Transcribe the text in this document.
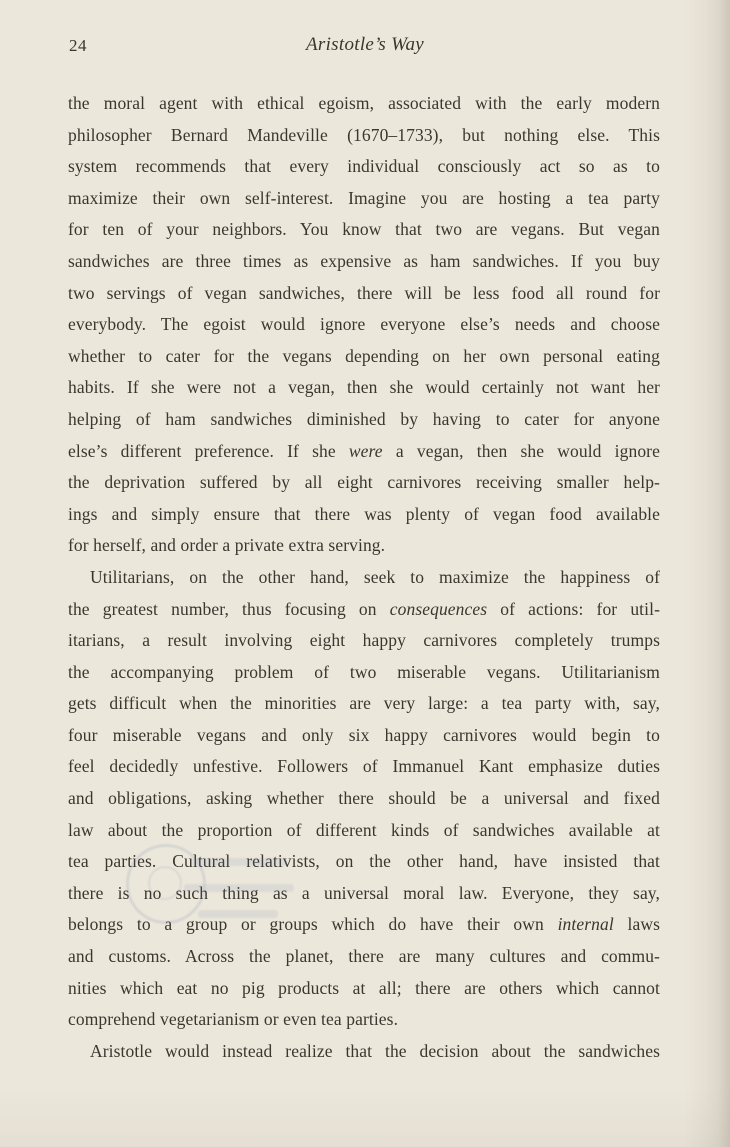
24	Aristotle’s Way
the moral agent with ethical egoism, associated with the early modern
philosopher Bernard Mandeville (1670–1733), but nothing else. This
system recommends that every individual consciously act so as to
maximize their own self-interest. Imagine you are hosting a tea party
for ten of your neighbors. You know that two are vegans. But vegan
sandwiches are three times as expensive as ham sandwiches. If you buy
two servings of vegan sandwiches, there will be less food all round for
everybody. The egoist would ignore everyone else’s needs and choose
whether to cater for the vegans depending on her own personal eating
habits. If she were not a vegan, then she would certainly not want her
helping of ham sandwiches diminished by having to cater for anyone
else’s different preference. If she were a vegan, then she would ignore
the deprivation suffered by all eight carnivores receiving smaller help-
ings and simply ensure that there was plenty of vegan food available
for herself, and order a private extra serving.
Utilitarians, on the other hand, seek to maximize the happiness of
the greatest number, thus focusing on consequences of actions: for util-
itarians, a result involving eight happy carnivores completely trumps
the accompanying problem of two miserable vegans. Utilitarianism
gets difficult when the minorities are very large: a tea party with, say,
four miserable vegans and only six happy carnivores would begin to
feel decidedly unfestive. Followers of Immanuel Kant emphasize duties
and obligations, asking whether there should be a universal and fixed
law about the proportion of different kinds of sandwiches available at
tea parties. Cultural relativists, on the other hand, have insisted that
there is no such thing as a universal moral law. Everyone, they say,
belongs to a group or groups which do have their own internal laws
and customs. Across the planet, there are many cultures and commu-
nities which eat no pig products at all; there are others which cannot
comprehend vegetarianism or even tea parties.
Aristotle would instead realize that the decision about the sandwiches
